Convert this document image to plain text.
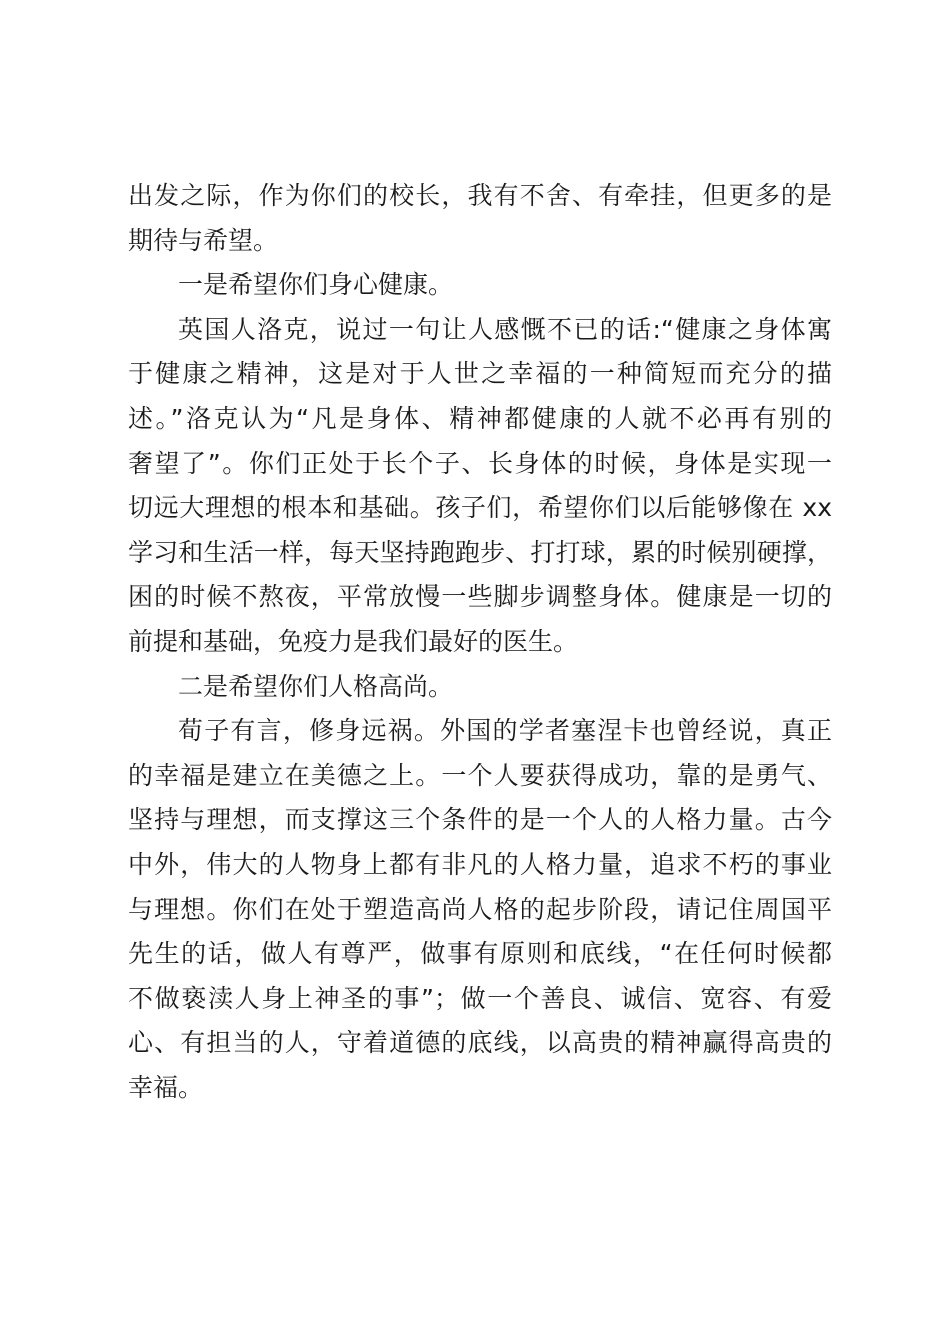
出发之际，作为你们的校长，我有不舍、有牵挂，但更多的是
期待与希望。
一是希望你们身心健康。
英国人洛克，说过一句让人感慨不已的话:“健康之身体寓
于健康之精神，这是对于人世之幸福的一种简短而充分的描
述。”洛克认为“凡是身体、精神都健康的人就不必再有别的
奢望了”。你们正处于长个子、长身体的时候，身体是实现一
切远大理想的根本和基础。孩子们，希望你们以后能够像在 xx
学习和生活一样，每天坚持跑跑步、打打球，累的时候别硬撑，
困的时候不熬夜，平常放慢一些脚步调整身体。健康是一切的
前提和基础，免疫力是我们最好的医生。
二是希望你们人格高尚。
荀子有言，修身远祸。外国的学者塞涅卡也曾经说，真正
的幸福是建立在美德之上。一个人要获得成功，靠的是勇气、
坚持与理想，而支撑这三个条件的是一个人的人格力量。古今
中外，伟大的人物身上都有非凡的人格力量，追求不朽的事业
与理想。你们在处于塑造高尚人格的起步阶段，请记住周国平
先生的话，做人有尊严，做事有原则和底线，“在任何时候都
不做亵渎人身上神圣的事”；做一个善良、诚信、宽容、有爱
心、有担当的人，守着道德的底线，以高贵的精神赢得高贵的
幸福。
